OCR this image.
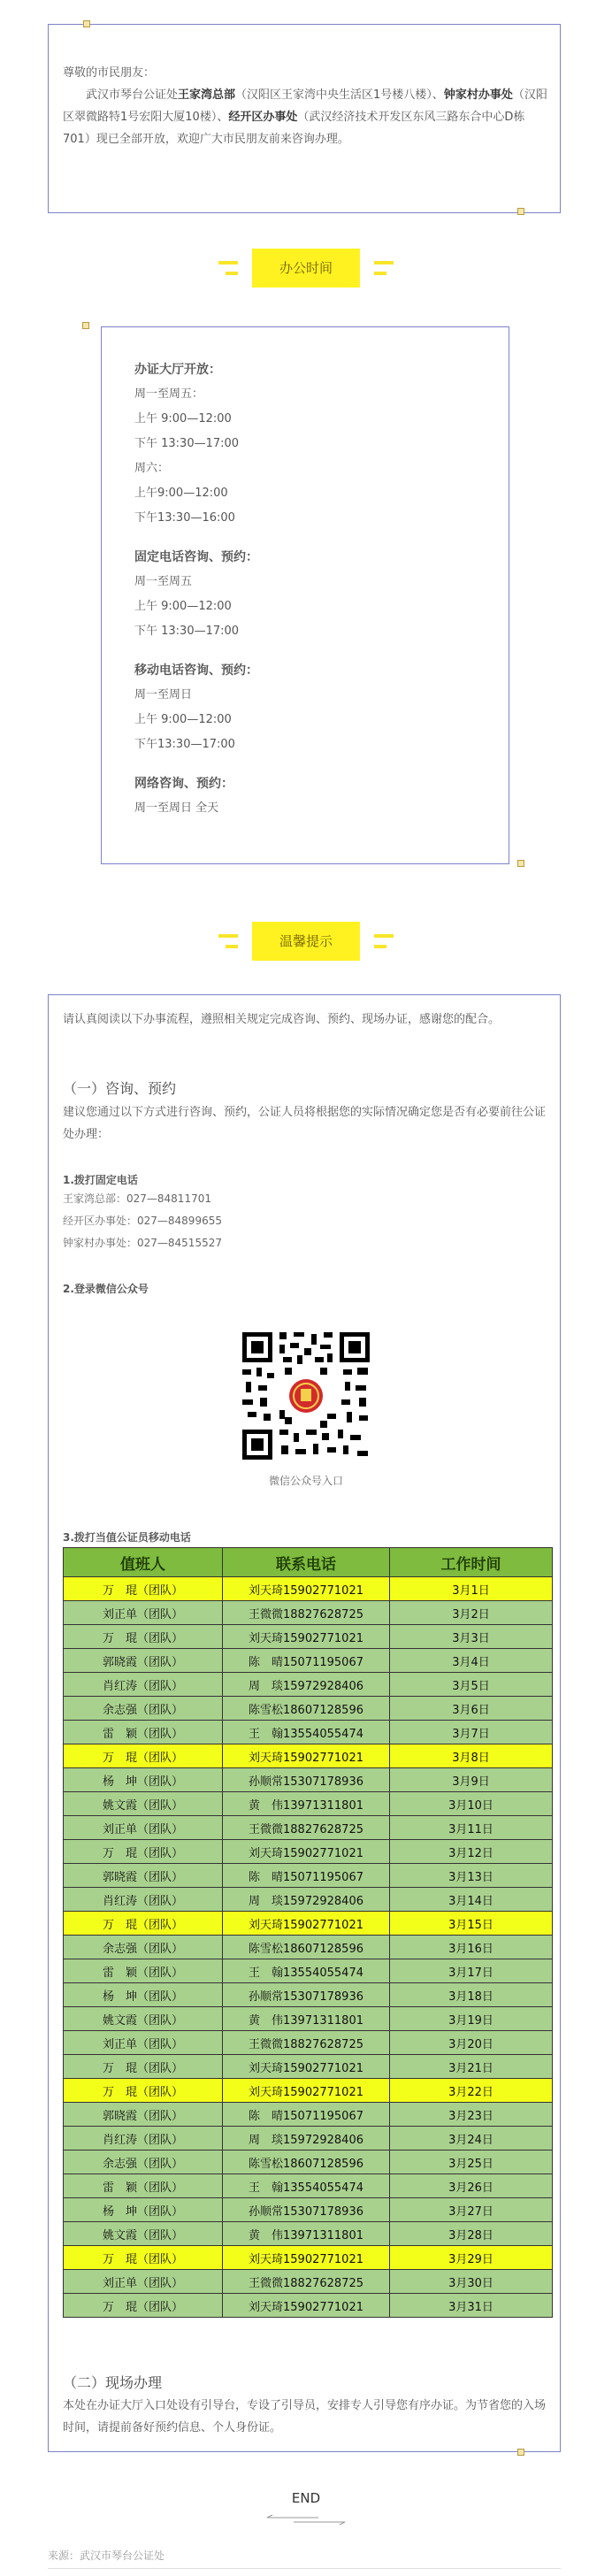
尊敬的市民朋友：
武汉市琴台公证处王家湾总部（汉阳区王家湾中央生活区1号楼八楼）、钟家村办事处（汉阳区翠微路特1号宏阳大厦10楼）、经开区办事处（武汉经济技术开发区东风三路东合中心D栋701）现已全部开放，欢迎广大市民朋友前来咨询办理。
办公时间
办证大厅开放：
周一至周五：
上午 9:00—12:00
下午 13:30—17:00
周六：
上午9:00—12:00
下午13:30—16:00
固定电话咨询、预约：
周一至周五
上午 9:00—12:00
下午 13:30—17:00
移动电话咨询、预约：
周一至周日
上午 9:00—12:00
下午13:30—17:00
网络咨询、预约：
周一至周日 全天
温馨提示
请认真阅读以下办事流程，遵照相关规定完成咨询、预约、现场办证，感谢您的配合。
（一）咨询、预约
建议您通过以下方式进行咨询、预约，公证人员将根据您的实际情况确定您是否有必要前往公证处办理：
1.拨打固定电话
王家湾总部：027—84811701
经开区办事处：027—84899655
钟家村办事处：027—84515527
2.登录微信公众号
微信公众号入口
3.拨打当值公证员移动电话
值班人	联系电话	工作时间
万　琨（团队）	刘天琦15902771021	3月1日
刘正单（团队）	王微微18827628725	3月2日
万　琨（团队）	刘天琦15902771021	3月3日
郭晓霞（团队）	陈　晴15071195067	3月4日
肖红涛（团队）	周　琰15972928406	3月5日
余志强（团队）	陈雪松18607128596	3月6日
雷　颖（团队）	王　翰13554055474	3月7日
万　琨（团队）	刘天琦15902771021	3月8日
杨　坤（团队）	孙顺常15307178936	3月9日
姚文霞（团队）	黄　伟13971311801	3月10日
刘正单（团队）	王微微18827628725	3月11日
万　琨（团队）	刘天琦15902771021	3月12日
郭晓霞（团队）	陈　晴15071195067	3月13日
肖红涛（团队）	周　琰15972928406	3月14日
万　琨（团队）	刘天琦15902771021	3月15日
余志强（团队）	陈雪松18607128596	3月16日
雷　颖（团队）	王　翰13554055474	3月17日
杨　坤（团队）	孙顺常15307178936	3月18日
姚文霞（团队）	黄　伟13971311801	3月19日
刘正单（团队）	王微微18827628725	3月20日
万　琨（团队）	刘天琦15902771021	3月21日
万　琨（团队）	刘天琦15902771021	3月22日
郭晓霞（团队）	陈　晴15071195067	3月23日
肖红涛（团队）	周　琰15972928406	3月24日
余志强（团队）	陈雪松18607128596	3月25日
雷　颖（团队）	王　翰13554055474	3月26日
杨　坤（团队）	孙顺常15307178936	3月27日
姚文霞（团队）	黄　伟13971311801	3月28日
万　琨（团队）	刘天琦15902771021	3月29日
刘正单（团队）	王微微18827628725	3月30日
万　琨（团队）	刘天琦15902771021	3月31日
（二）现场办理
本处在办证大厅入口处设有引导台，专设了引导员，安排专人引导您有序办证。为节省您的入场时间，请提前备好预约信息、个人身份证。
END
来源：武汉市琴台公证处
